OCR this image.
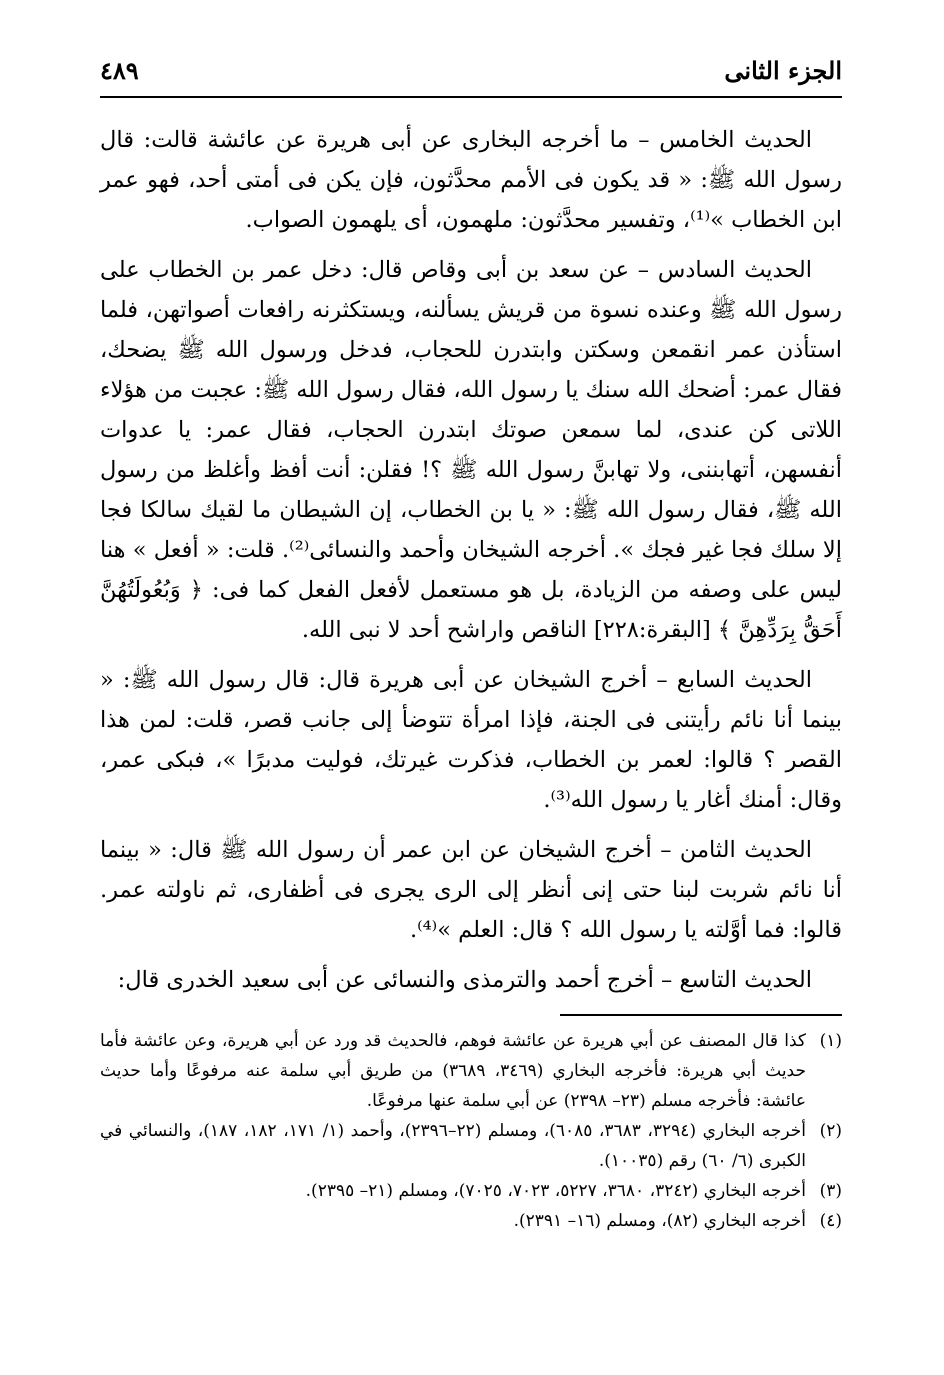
الجزء الثانى
٤٨٩

الحديث الخامس – ما أخرجه البخارى عن أبى هريرة عن عائشة قالت: قال رسول الله ﷺ: « قد يكون فى الأمم محدَّثون، فإن يكن فى أمتى أحد، فهو عمر ابن الخطاب »⁽¹⁾، وتفسير محدَّثون: ملهمون، أى يلهمون الصواب.

الحديث السادس – عن سعد بن أبى وقاص قال: دخل عمر بن الخطاب على رسول الله ﷺ وعنده نسوة من قريش يسألنه، ويستكثرنه رافعات أصواتهن، فلما استأذن عمر انقمعن وسكتن وابتدرن للحجاب، فدخل ورسول الله ﷺ يضحك، فقال عمر: أضحك الله سنك يا رسول الله، فقال رسول الله ﷺ: عجبت من هؤلاء اللاتى كن عندى، لما سمعن صوتك ابتدرن الحجاب، فقال عمر: يا عدوات أنفسهن، أتهابننى، ولا تهابنَّ رسول الله ﷺ ؟! فقلن: أنت أفظ وأغلظ من رسول الله ﷺ، فقال رسول الله ﷺ: « يا بن الخطاب، إن الشيطان ما لقيك سالكا فجا إلا سلك فجا غير فجك ». أخرجه الشيخان وأحمد والنسائى⁽²⁾. قلت: « أفعل » هنا ليس على وصفه من الزيادة، بل هو مستعمل لأفعل الفعل كما فى: ﴿ وَبُعُولَتُهُنَّ أَحَقُّ بِرَدِّهِنَّ ﴾ [البقرة:٢٢٨] الناقص واراشح أحد لا نبى الله.

الحديث السابع – أخرج الشيخان عن أبى هريرة قال: قال رسول الله ﷺ: « بينما أنا نائم رأيتنى فى الجنة، فإذا امرأة تتوضأ إلى جانب قصر، قلت: لمن هذا القصر ؟ قالوا: لعمر بن الخطاب، فذكرت غيرتك، فوليت مدبرًا »، فبكى عمر، وقال: أمنك أغار يا رسول الله⁽³⁾.

الحديث الثامن – أخرج الشيخان عن ابن عمر أن رسول الله ﷺ قال: « بينما أنا نائم شربت لبنا حتى إنى أنظر إلى الرى يجرى فى أظفارى، ثم ناولته عمر. قالوا: فما أوَّلته يا رسول الله ؟ قال: العلم »⁽⁴⁾.

الحديث التاسع – أخرج أحمد والترمذى والنسائى عن أبى سعيد الخدرى قال:

(١)
كذا قال المصنف عن أبي هريرة عن عائشة فوهم، فالحديث قد ورد عن أبي هريرة، وعن عائشة فأما حديث أبي هريرة: فأخرجه البخاري (٣٤٦٩، ٣٦٨٩) من طريق أبي سلمة عنه مرفوعًا وأما حديث عائشة: فأخرجه مسلم (٢٣– ٢٣٩٨) عن أبي سلمة عنها مرفوعًا.
(٢)
أخرجه البخاري (٣٢٩٤، ٣٦٨٣، ٦٠٨٥)، ومسلم (٢٢–٢٣٩٦)، وأحمد (١/ ١٧١، ١٨٢، ١٨٧)، والنسائي في الكبرى (٦/ ٦٠) رقم (١٠٠٣٥).
(٣)
أخرجه البخاري (٣٢٤٢، ٣٦٨٠، ٥٢٢٧، ٧٠٢٣، ٧٠٢٥)، ومسلم (٢١– ٢٣٩٥).
(٤)
أخرجه البخاري (٨٢)، ومسلم (١٦– ٢٣٩١).
